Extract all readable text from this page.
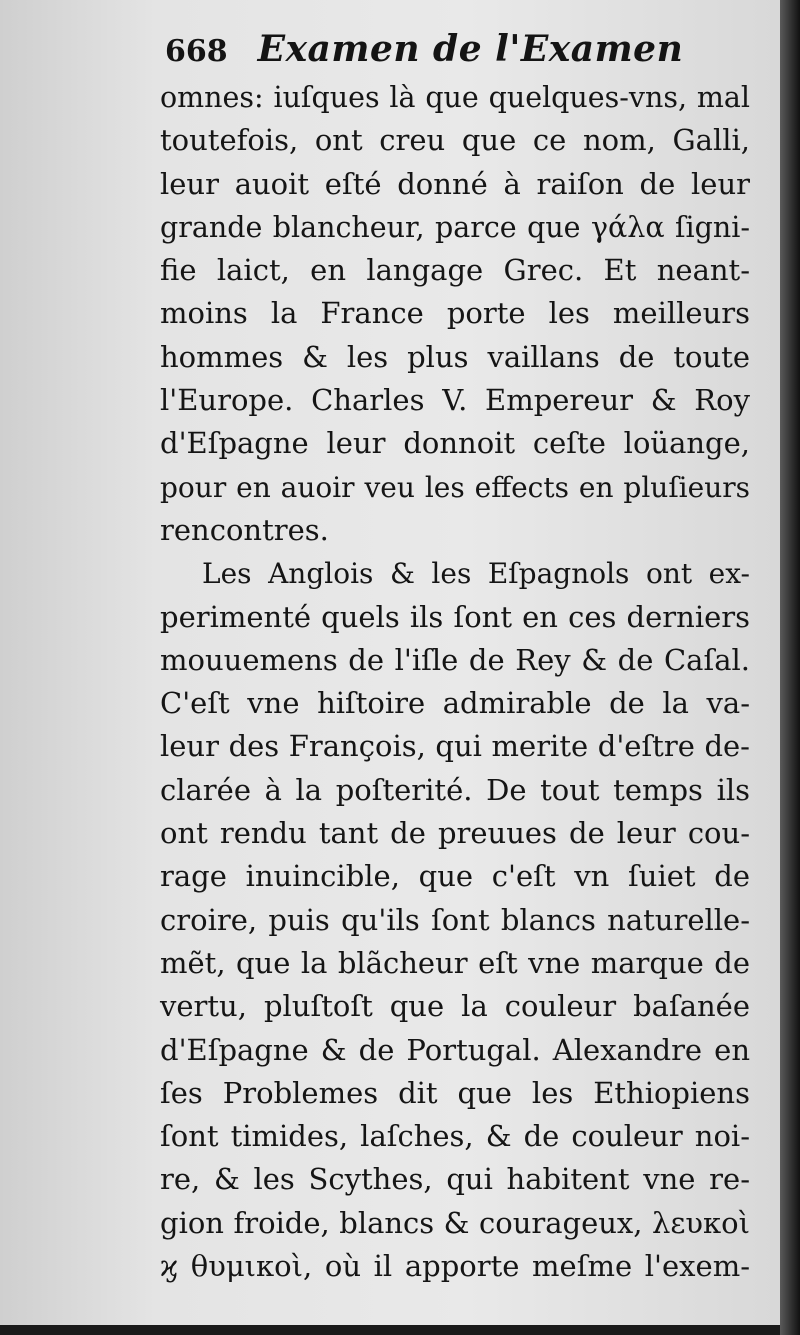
668 Examen de l'Examen
omnes: iuſques là que quelques-vns, mal
toutefois, ont creu que ce nom, Galli,
leur auoit eſté donné à raiſon de leur
grande blancheur, parce que γάλα ſigni-
fie laict, en langage Grec. Et neant-
moins la France porte les meilleurs
hommes & les plus vaillans de toute
l'Europe. Charles V. Empereur & Roy
d'Eſpagne leur donnoit ceſte loüange,
pour en auoir veu les effects en pluſieurs
rencontres.
Les Anglois & les Eſpagnols ont ex-
perimenté quels ils ſont en ces derniers
mouuemens de l'iſle de Rey & de Caſal.
C'eſt vne hiſtoire admirable de la va-
leur des François, qui merite d'eſtre de-
clarée à la poſterité. De tout temps ils
ont rendu tant de preuues de leur cou-
rage inuincible, que c'eſt vn ſuiet de
croire, puis qu'ils ſont blancs naturelle-
mẽt, que la blãcheur eſt vne marque de
vertu, pluſtoſt que la couleur baſanée
d'Eſpagne & de Portugal. Alexandre en
ſes Problemes dit que les Ethiopiens
ſont timides, laſches, & de couleur noi-
re, & les Scythes, qui habitent vne re-
gion froide, blancs & courageux, λευκοὶ
ϗ θυμικοὶ, où il apporte meſme l'exem-
